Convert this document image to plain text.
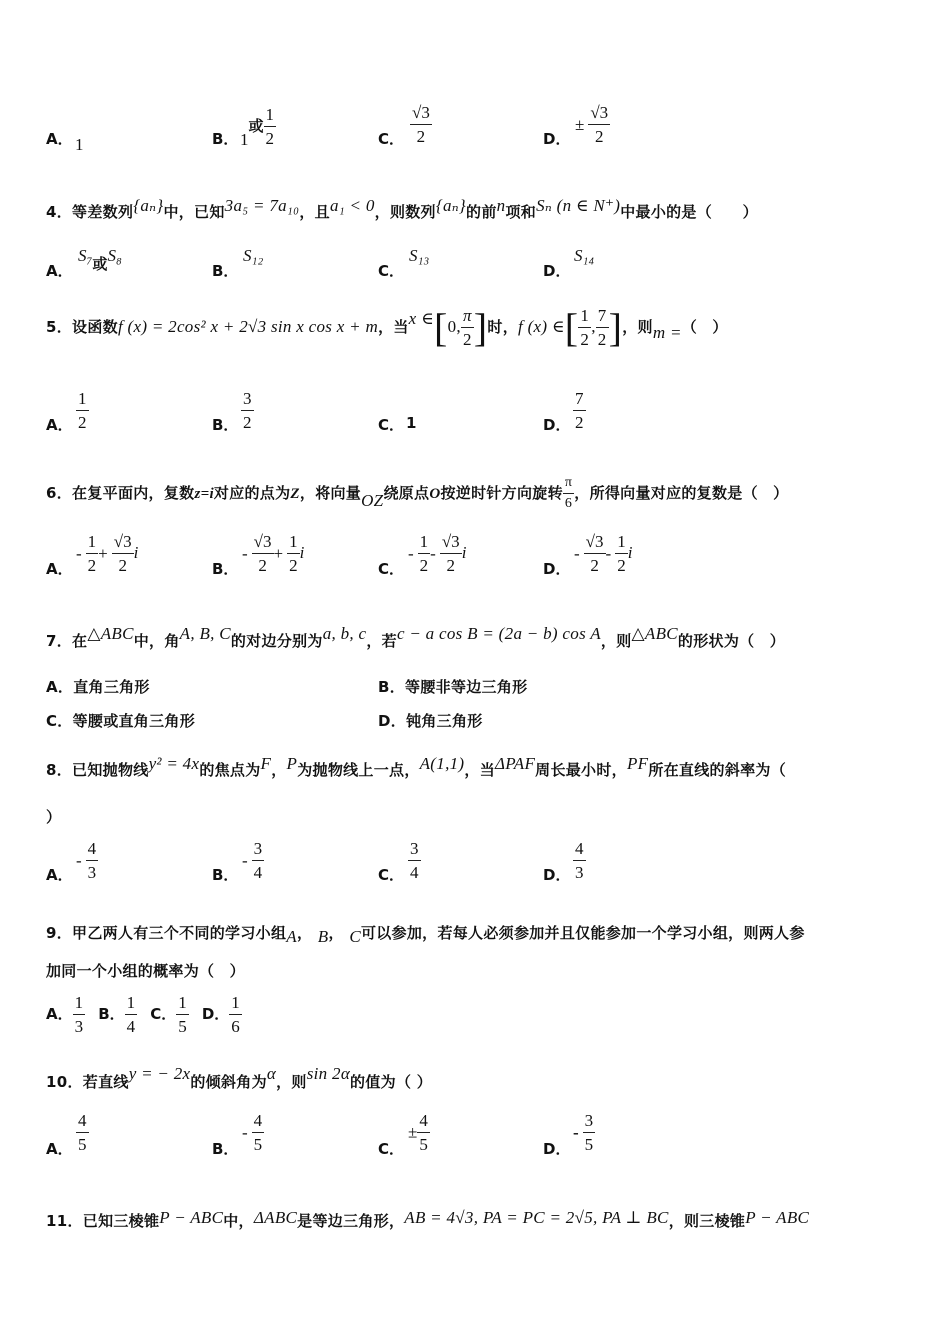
A． 1	B． 1或 $\frac{1}{2}$	C． $\frac{√3}{2}$	D．
± $\frac{√3}{2}$
4．等差数列{aₙ}中，已知3a₅ = 7a₁₀，且a₁ < 0，则数列{aₙ}的前n项和Sₙ (n ∈ N⁺)中最小的是（　　）
A．
S₇或S₈
B．
S₁₂
C．
S₁₃
D．
S₁₄
5．设函数f (x) = 2cos² x + 2√3 sin x cos x + m，当x ∈[0, $\frac{\pi}{2}$ ]时，f (x) ∈[ $\frac{1}{2}$ , $\frac{7}{2}$ ]，则m =（　）
A． $\frac{1}{2}$	B． $\frac{3}{2}$	C． 1	D． $\frac{7}{2}$
6．在复平面内，复数z=i对应的点为Z，将向量OZ绕原点O按逆时针方向旋转 $\frac{\pi}{6}$ ，所得向量对应的复数是（　）
A．
- $\frac{1}{2} + \frac{√3}{2}$ i
B．
- $\frac{√3}{2} + \frac{1}{2}$ i
C．
- $\frac{1}{2} - \frac{√3}{2}$ i
D．
- $\frac{√3}{2} - \frac{1}{2}$ i
7．在△ABC中，角A, B, C的对边分别为a, b, c，若c − a cos B = (2a − b) cos A，则△ABC的形状为（　）
A．直角三角形	B．等腰非等边三角形
C．等腰或直角三角形	D．钝角三角形
8．已知抛物线y² = 4x的焦点为F，P为抛物线上一点，A(1,1)，当ΔPAF周长最小时，PF所在直线的斜率为（
）
A．
- $\frac{4}{3}$	B．
- $\frac{3}{4}$	C． $\frac{3}{4}$	D． $\frac{4}{3}$
9．甲乙两人有三个不同的学习小组A， B， C可以参加，若每人必须参加并且仅能参加一个学习小组，则两人参
加同一个小组的概率为（　）
A． $\frac{1}{3}$ B． $\frac{1}{4}$ C． $\frac{1}{5}$ D． $\frac{1}{6}$
10．若直线y = − 2x的倾斜角为α，则sin 2α的值为（ ）
A． $\frac{4}{5}$	B．
- $\frac{4}{5}$	C．
± $\frac{4}{5}$	D．
- $\frac{3}{5}$
11．已知三棱锥P − ABC中，ΔABC是等边三角形，AB = 4√3, PA = PC = 2√5, PA ⊥ BC，则三棱锥P − ABC
